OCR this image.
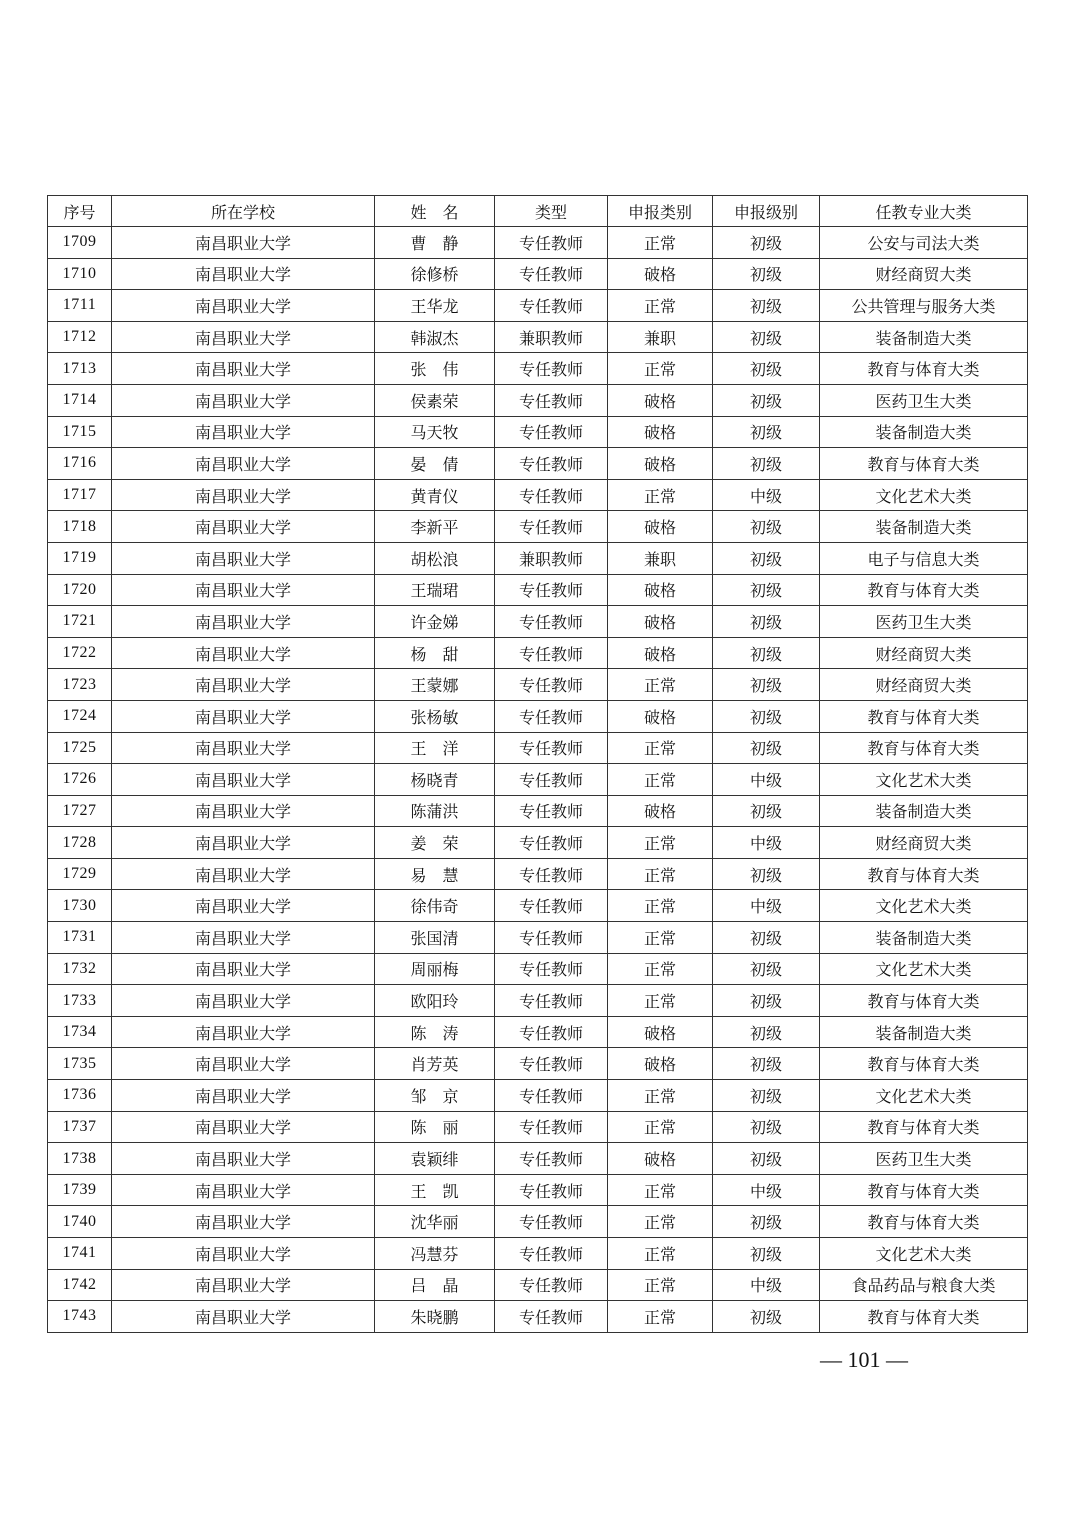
序号	所在学校	姓　名	类型	申报类别	申报级别	任教专业大类
1709	南昌职业大学	曹　静	专任教师	正常	初级	公安与司法大类
1710	南昌职业大学	徐修桥	专任教师	破格	初级	财经商贸大类
1711	南昌职业大学	王华龙	专任教师	正常	初级	公共管理与服务大类
1712	南昌职业大学	韩淑杰	兼职教师	兼职	初级	装备制造大类
1713	南昌职业大学	张　伟	专任教师	正常	初级	教育与体育大类
1714	南昌职业大学	侯素荣	专任教师	破格	初级	医药卫生大类
1715	南昌职业大学	马天牧	专任教师	破格	初级	装备制造大类
1716	南昌职业大学	晏　倩	专任教师	破格	初级	教育与体育大类
1717	南昌职业大学	黄青仪	专任教师	正常	中级	文化艺术大类
1718	南昌职业大学	李新平	专任教师	破格	初级	装备制造大类
1719	南昌职业大学	胡松浪	兼职教师	兼职	初级	电子与信息大类
1720	南昌职业大学	王瑞珺	专任教师	破格	初级	教育与体育大类
1721	南昌职业大学	许金娣	专任教师	破格	初级	医药卫生大类
1722	南昌职业大学	杨　甜	专任教师	破格	初级	财经商贸大类
1723	南昌职业大学	王蒙娜	专任教师	正常	初级	财经商贸大类
1724	南昌职业大学	张杨敏	专任教师	破格	初级	教育与体育大类
1725	南昌职业大学	王　洋	专任教师	正常	初级	教育与体育大类
1726	南昌职业大学	杨晓青	专任教师	正常	中级	文化艺术大类
1727	南昌职业大学	陈蒲洪	专任教师	破格	初级	装备制造大类
1728	南昌职业大学	姜　荣	专任教师	正常	中级	财经商贸大类
1729	南昌职业大学	易　慧	专任教师	正常	初级	教育与体育大类
1730	南昌职业大学	徐伟奇	专任教师	正常	中级	文化艺术大类
1731	南昌职业大学	张国清	专任教师	正常	初级	装备制造大类
1732	南昌职业大学	周丽梅	专任教师	正常	初级	文化艺术大类
1733	南昌职业大学	欧阳玲	专任教师	正常	初级	教育与体育大类
1734	南昌职业大学	陈　涛	专任教师	破格	初级	装备制造大类
1735	南昌职业大学	肖芳英	专任教师	破格	初级	教育与体育大类
1736	南昌职业大学	邹　京	专任教师	正常	初级	文化艺术大类
1737	南昌职业大学	陈　丽	专任教师	正常	初级	教育与体育大类
1738	南昌职业大学	袁颖绯	专任教师	破格	初级	医药卫生大类
1739	南昌职业大学	王　凯	专任教师	正常	中级	教育与体育大类
1740	南昌职业大学	沈华丽	专任教师	正常	初级	教育与体育大类
1741	南昌职业大学	冯慧芬	专任教师	正常	初级	文化艺术大类
1742	南昌职业大学	吕　晶	专任教师	正常	中级	食品药品与粮食大类
1743	南昌职业大学	朱晓鹏	专任教师	正常	初级	教育与体育大类
— 101 —
